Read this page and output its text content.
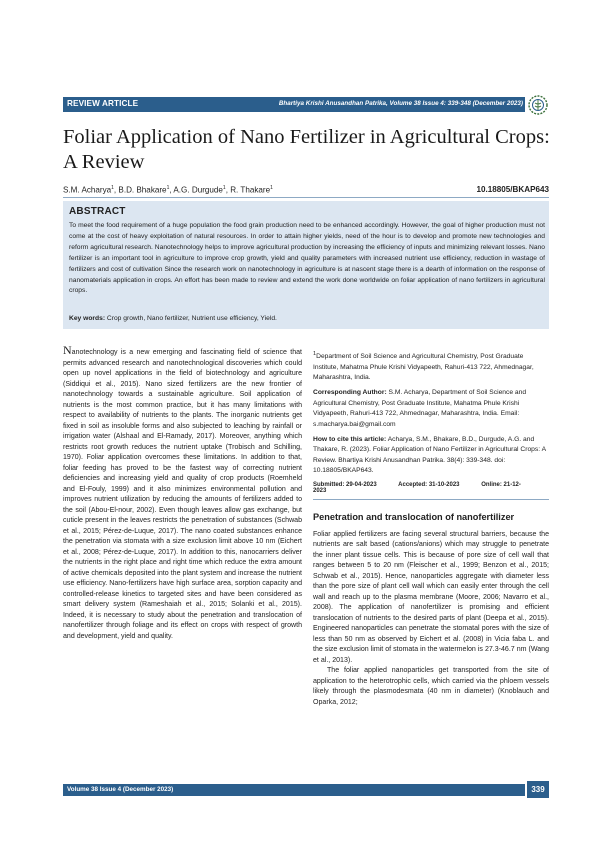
REVIEW ARTICLE	Bhartiya Krishi Anusandhan Patrika, Volume 38 Issue 4: 339-348 (December 2023)
Foliar Application of Nano Fertilizer in Agricultural Crops: A Review
S.M. Acharya$^1$, B.D. Bhakare$^1$, A.G. Durgude$^1$, R. Thakare$^1$	10.18805/BKAP643
ABSTRACT

To meet the food requirement of a huge population the food grain production need to be enhanced accordingly. However, the goal of higher production must not come at the cost of heavy exploitation of natural resources. In order to attain higher yields, need of the hour is to develop and promote new technologies and reform agricultural research. Nanotechnology helps to improve agricultural production by increasing the efficiency of inputs and minimizing relevant losses. Nano fertilizer is an important tool in agriculture to improve crop growth, yield and quality parameters with increased nutrient use efficiency, reduction in wastage of fertilizers and cost of cultivation Since the research work on nanotechnology in agriculture is at nascent stage there is a dearth of information on the response of nanomaterials application in crops. An effort has been made to review and extend the work done worldwide on foliar application of nano fertilizers in agricultural crops.

Key words: Crop growth, Nano fertilizer, Nutrient use efficiency, Yield.

Nanotechnology is a new emerging and fascinating field of science that permits advanced research and nanotechnological discoveries which could open up novel applications in the field of biotechnology and agriculture (Siddiqui et al., 2015). Nano sized fertilizers are the new frontier of nanotechnology towards a sustainable agriculture. Soil application of nutrients is the most common practice, but it has many limitations with respect to availability of nutrients to the plants. The inorganic nutrients get fixed in soil as insoluble forms and also subjected to leaching by rainfall or irrigation water (Alshaal and El-Ramady, 2017). Moreover, anything which restricts root growth reduces the nutrient uptake (Trobisch and Schilling, 1970). Foliar application overcomes these limitations. In addition to that, foliar feeding has proved to be the fastest way of correcting nutrient deficiencies and increasing yield and quality of crop products (Roemheld and El-Fouly, 1999) and it also minimizes environmental pollution and improves nutrient utilization by reducing the amounts of fertilizers added to the soil (Abou-El-nour, 2002). Even though leaves allow gas exchange, but cuticle present in the leaves restricts the penetration of substances (Schwab et al., 2015; Pérez-de-Luque, 2017). The nano coated substances enhance the penetration via stomata with a size exclusion limit above 10 nm (Eichert et al., 2008; Pérez-de-Luque, 2017). In addition to this, nanocarriers deliver the nutrients in the right place and right time which reduce the extra amount of active chemicals deposited into the plant system and increase the nutrient use efficiency. Nano-fertilizers have high surface area, sorption capacity and controlled-release kinetics to targeted sites and have been considered as smart delivery system (Rameshaiah et al., 2015; Solanki et al., 2015). Indeed, it is necessary to study about the penetration and translocation of nanofertilizer through foliage and its effect on crops with respect of growth and development, yield and quality.

$^1$Department of Soil Science and Agricultural Chemistry, Post Graduate Institute, Mahatma Phule Krishi Vidyapeeth, Rahuri-413 722, Ahmednagar, Maharashtra, India.

Corresponding Author: S.M. Acharya, Department of Soil Science and Agricultural Chemistry, Post Graduate Institute, Mahatma Phule Krishi Vidyapeeth, Rahuri-413 722, Ahmednagar, Maharashtra, India. Email: s.macharya.bai@gmail.com

How to cite this article: Acharya, S.M., Bhakare, B.D., Durgude, A.G. and Thakare, R. (2023). Foliar Application of Nano Fertilizer in Agricultural Crops: A Review. Bhartiya Krishi Anusandhan Patrika. 38(4): 339-348. doi: 10.18805/BKAP643.

Submitted: 29-04-2023	Accepted: 31-10-2023	Online: 21-12-2023
Penetration and translocation of nanofertilizer

Foliar applied fertilizers are facing several structural barriers, because the nutrients are salt based (cations/anions) which may struggle to penetrate the inner plant tissue cells. This is because of pore size of cell wall that ranges between 5 to 20 nm (Fleischer et al., 1999; Benzon et al., 2015; Schwab et al., 2015). Hence, nanoparticles aggregate with diameter less than the pore size of plant cell wall which can easily enter through the cell wall and reach up to the plasma membrane (Moore, 2006; Navarro et al., 2008). The application of nanofertilizer is promising and efficient translocation of nutrients to the desired parts of plant (Deepa et al., 2015). Engineered nanoparticles can penetrate the stomatal pores with the size of less than 50 nm as observed by Eichert et al. (2008) in Vicia faba L. and the size exclusion limit of stomata in the watermelon is 27.3-46.7 nm (Wang et al., 2013).

The foliar applied nanoparticles get transported from the site of application to the heterotrophic cells, which carried via the phloem vessels likely through the plasmodesmata (40 nm in diameter) (Knoblauch and Oparka, 2012;

Volume 38 Issue 4 (December 2023)	339
